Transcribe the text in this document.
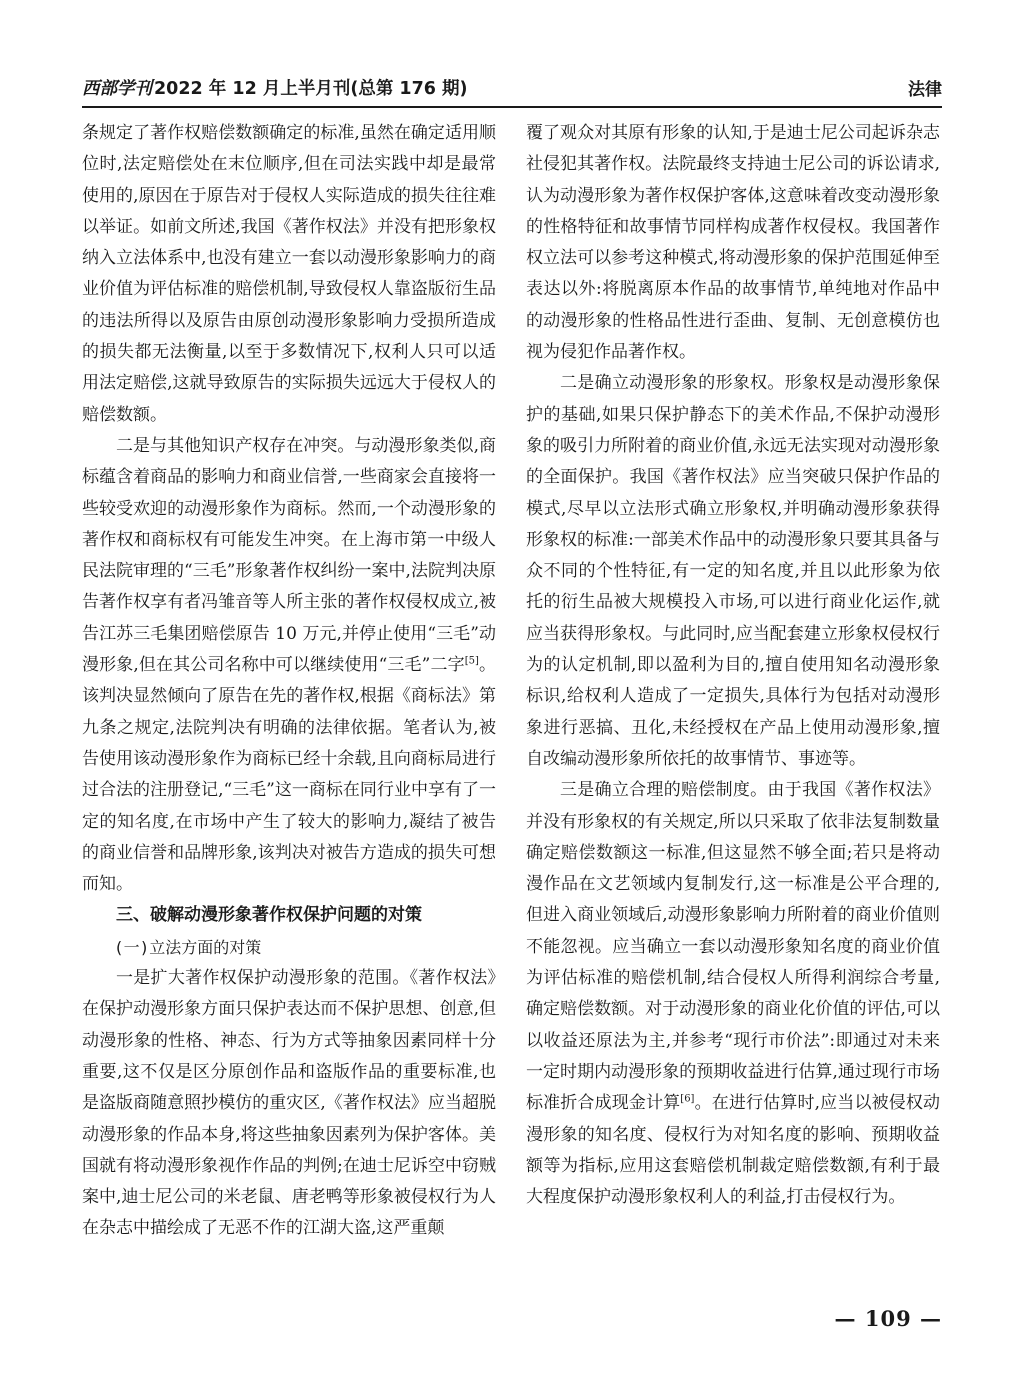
西部学刊 2022 年 12 月上半月刊(总第 176 期)	法律

条规定了著作权赔偿数额确定的标准,虽然在确定适用顺位时,法定赔偿处在末位顺序,但在司法实践中却是最常使用的,原因在于原告对于侵权人实际造成的损失往往难以举证。如前文所述,我国《著作权法》并没有把形象权纳入立法体系中,也没有建立一套以动漫形象影响力的商业价值为评估标准的赔偿机制,导致侵权人靠盗版衍生品的违法所得以及原告由原创动漫形象影响力受损所造成的损失都无法衡量,以至于多数情况下,权利人只可以适用法定赔偿,这就导致原告的实际损失远远大于侵权人的赔偿数额。

二是与其他知识产权存在冲突。与动漫形象类似,商标蕴含着商品的影响力和商业信誉,一些商家会直接将一些较受欢迎的动漫形象作为商标。然而,一个动漫形象的著作权和商标权有可能发生冲突。在上海市第一中级人民法院审理的“三毛”形象著作权纠纷一案中,法院判决原告著作权享有者冯雏音等人所主张的著作权侵权成立,被告江苏三毛集团赔偿原告 10 万元,并停止使用“三毛”动漫形象,但在其公司名称中可以继续使用“三毛”二字[5]。该判决显然倾向了原告在先的著作权,根据《商标法》第九条之规定,法院判决有明确的法律依据。笔者认为,被告使用该动漫形象作为商标已经十余载,且向商标局进行过合法的注册登记,“三毛”这一商标在同行业中享有了一定的知名度,在市场中产生了较大的影响力,凝结了被告的商业信誉和品牌形象,该判决对被告方造成的损失可想而知。

三、破解动漫形象著作权保护问题的对策
(一)立法方面的对策

一是扩大著作权保护动漫形象的范围。《著作权法》在保护动漫形象方面只保护表达而不保护思想、创意,但动漫形象的性格、神态、行为方式等抽象因素同样十分重要,这不仅是区分原创作品和盗版作品的重要标准,也是盗版商随意照抄模仿的重灾区,《著作权法》应当超脱动漫形象的作品本身,将这些抽象因素列为保护客体。美国就有将动漫形象视作作品的判例;在迪士尼诉空中窃贼案中,迪士尼公司的米老鼠、唐老鸭等形象被侵权行为人在杂志中描绘成了无恶不作的江湖大盗,这严重颠

覆了观众对其原有形象的认知,于是迪士尼公司起诉杂志社侵犯其著作权。法院最终支持迪士尼公司的诉讼请求,认为动漫形象为著作权保护客体,这意味着改变动漫形象的性格特征和故事情节同样构成著作权侵权。我国著作权立法可以参考这种模式,将动漫形象的保护范围延伸至表达以外:将脱离原本作品的故事情节,单纯地对作品中的动漫形象的性格品性进行歪曲、复制、无创意模仿也视为侵犯作品著作权。

二是确立动漫形象的形象权。形象权是动漫形象保护的基础,如果只保护静态下的美术作品,不保护动漫形象的吸引力所附着的商业价值,永远无法实现对动漫形象的全面保护。我国《著作权法》应当突破只保护作品的模式,尽早以立法形式确立形象权,并明确动漫形象获得形象权的标准:一部美术作品中的动漫形象只要其具备与众不同的个性特征,有一定的知名度,并且以此形象为依托的衍生品被大规模投入市场,可以进行商业化运作,就应当获得形象权。与此同时,应当配套建立形象权侵权行为的认定机制,即以盈利为目的,擅自使用知名动漫形象标识,给权利人造成了一定损失,具体行为包括对动漫形象进行恶搞、丑化,未经授权在产品上使用动漫形象,擅自改编动漫形象所依托的故事情节、事迹等。

三是确立合理的赔偿制度。由于我国《著作权法》并没有形象权的有关规定,所以只采取了依非法复制数量确定赔偿数额这一标准,但这显然不够全面;若只是将动漫作品在文艺领域内复制发行,这一标准是公平合理的,但进入商业领域后,动漫形象影响力所附着的商业价值则不能忽视。应当确立一套以动漫形象知名度的商业价值为评估标准的赔偿机制,结合侵权人所得利润综合考量,确定赔偿数额。对于动漫形象的商业化价值的评估,可以以收益还原法为主,并参考“现行市价法”:即通过对未来一定时期内动漫形象的预期收益进行估算,通过现行市场标准折合成现金计算[6]。在进行估算时,应当以被侵权动漫形象的知名度、侵权行为对知名度的影响、预期收益额等为指标,应用这套赔偿机制裁定赔偿数额,有利于最大程度保护动漫形象权利人的利益,打击侵权行为。

— 109 —
